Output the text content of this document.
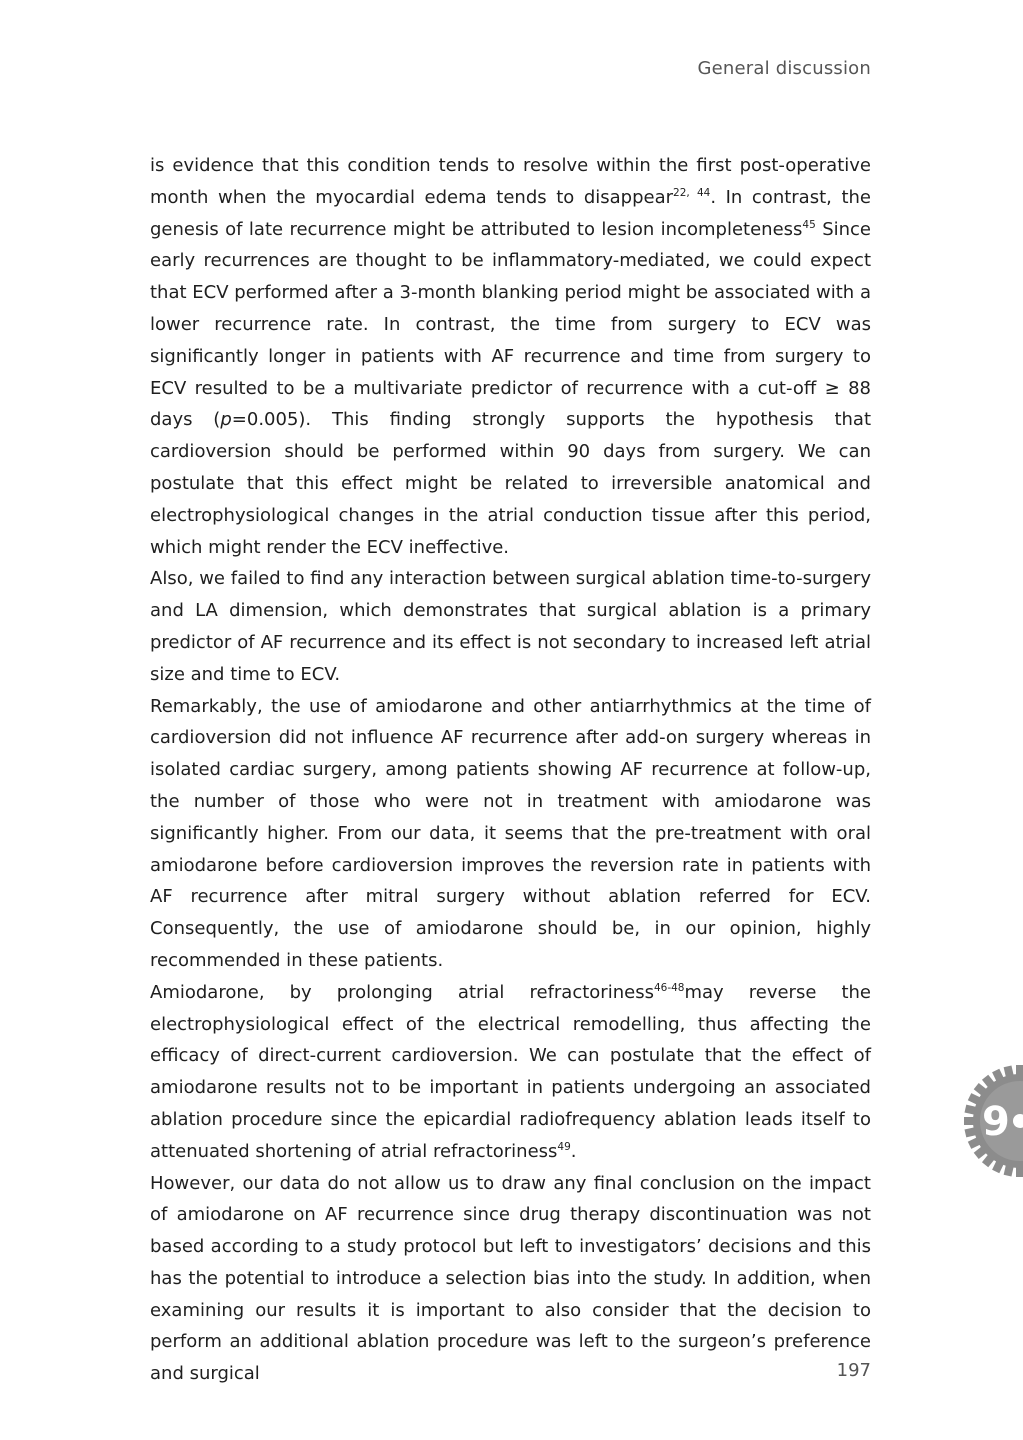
General discussion

is evidence that this condition tends to resolve within the first post-operative month when the myocardial edema tends to disappear$^{22, 44}$. In contrast, the genesis of late recurrence might be attributed to lesion incompleteness$^{45}$ Since early recurrences are thought to be inflammatory-mediated, we could expect that ECV performed after a 3-month blanking period might be associated with a lower recurrence rate. In contrast, the time from surgery to ECV was significantly longer in patients with AF recurrence and time from surgery to ECV resulted to be a multivariate predictor of recurrence with a cut-off ≥ 88 days (p=0.005). This finding strongly supports the hypothesis that cardioversion should be performed within 90 days from surgery. We can postulate that this effect might be related to irreversible anatomical and electrophysiological changes in the atrial conduction tissue after this period, which might render the ECV ineffective.

Also, we failed to find any interaction between surgical ablation time-to-surgery and LA dimension, which demonstrates that surgical ablation is a primary predictor of AF recurrence and its effect is not secondary to increased left atrial size and time to ECV.

Remarkably, the use of amiodarone and other antiarrhythmics at the time of cardioversion did not influence AF recurrence after add-on surgery whereas in isolated cardiac surgery, among patients showing AF recurrence at follow-up, the number of those who were not in treatment with amiodarone was significantly higher. From our data, it seems that the pre-treatment with oral amiodarone before cardioversion improves the reversion rate in patients with AF recurrence after mitral surgery without ablation referred for ECV. Consequently, the use of amiodarone should be, in our opinion, highly recommended in these patients.

Amiodarone, by prolonging atrial refractoriness$^{46-48}$may reverse the electrophysiological effect of the electrical remodelling, thus affecting the efficacy of direct-current cardioversion. We can postulate that the effect of amiodarone results not to be important in patients undergoing an associated ablation procedure since the epicardial radiofrequency ablation leads itself to attenuated shortening of atrial refractoriness$^{49}$.

However, our data do not allow us to draw any final conclusion on the impact of amiodarone on AF recurrence since drug therapy discontinuation was not based according to a study protocol but left to investigators’ decisions and this has the potential to introduce a selection bias into the study. In addition, when examining our results it is important to also consider that the decision to perform an additional ablation procedure was left to the surgeon’s preference and surgical

9
197
